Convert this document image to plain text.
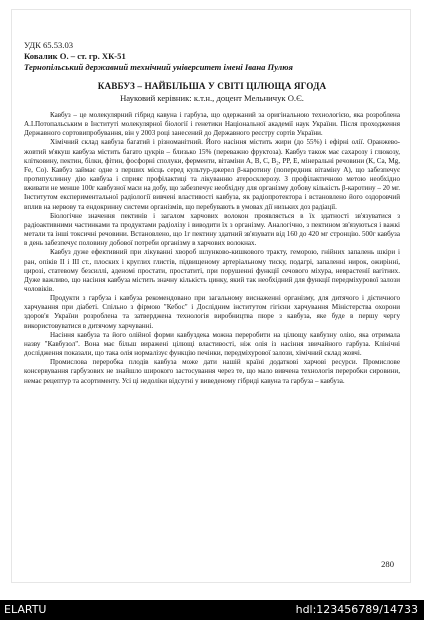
УДК 65.53.03

Ковалик О. – ст. гр. ХК-51

Тернопільський державний технічний університет імені Івана Пулюя

КАВБУЗ – НАЙБІЛЬША У СВІТІ ЦІЛЮЩА ЯГОДА

Науковий керівник: к.т.н., доцент Мельничук О.Є.

Кавбуз – це молекулярний гібрид кавуна і гарбуза, що одержаний за оригінальною технологією, яка розроблена А.І.Потопальським в Інституті молекулярної біології і генетики Національної академії наук України. Після проходження Державного сортовипробування, він у 2003 році занесений до Державного реєстру сортів України.

Хімічний склад кавбуза багатий і різноманітний. Його насіння містить жири (до 55%) і ефірні олії. Оранжево-жовтий м'якуш кавбуза містить багато цукрів – близько 15% (переважно фруктоза). Кавбуз також має сахарозу і глюкозу, клітковину, пектин, білки, фітин, фосфорні сполуки, ферменти, вітаміни А, В, С, В₂, РР, Е, мінеральні речовини (К, Са, Mg, Fe, Co). Кавбуз займає одне з перших місць серед культур-джерел β-каротину (попередник вітаміну А), що забезпечує протипухлинну дію кавбуза і сприяє профілактиці та лікуванню атеросклерозу. З профілактичною метою необхідно вживати не менше 100г кавбузної маси на добу, що забезпечує необхідну для організму добову кількість β-каротину – 20 мг. Інститутом експериментальної радіології вивчені властивості кавбуза, як радіопротектора і встановлено його оздоровчий вплив на нервову та ендокринну системи організмів, що перебувають в умовах дії низьких доз радіації.

Біологічне значення пектинів і загалом харчових волокон проявляється в їх здатності зв'язуватися з радіоактивними частинками та продуктами радіолізу і виводити їх з організму. Аналогічно, з пектином зв'язуються і важкі метали та інші токсичні речовини. Встановлено, що 1г пектину здатний зв'язувати від 160 до 420 мг стронцію. 500г кавбуза в день забезпечує половину добової потреби організму в харчових волокнах.

Кавбуз дуже ефективний при лікуванні хвороб шлунково-кишкового тракту, геморою, гнійних запалень шкіри і ран, опіків ІІ і ІІІ ст., плоских і круглих глистів, підвищеному артеріальному тиску, подагрі, запаленні нирок, ожирінні, цирозі, статевому безсиллі, аденомі простати, простатиті, при порушенні функції сечового міхура, неврастенії вагітних. Дуже важливо, що насіння кавбуза містить значну кількість цинку, який так необхідний для функції передміхурової залози чоловіків.

Продукти з гарбуза і кавбуза рекомендовано при загальному виснаженні організму, для дитячого і дієтичного харчування при діабеті. Спільно з фірмою "Кебос" і Дослідним інститутом гігієни харчування Міністерства охорони здоров'я України розроблена та затверджена технологія виробництва пюре з кавбуза, яке буде в першу чергу використовуватися в дитячому харчуванні.

Насіння кавбуза та його олійної форми кавбуздека можна переробити на цілющу кавбузну олію, яка отримала назву "Кавбузол". Вона має більш виражені цілющі властивості, ніж олія із насіння звичайного гарбуза. Клінічні дослідження показали, що така олія нормалізує функцію печінки, передміхурової залози, хімічний склад жовчі.

Промислова переробка плодів кавбуза може дати нашій країні додаткові харчові ресурси. Промислове консервування гарбузових не знайшло широкого застосування через те, що мало вивчена технологія переробки сировини, немає рецептур та асортименту. Усі ці недоліки відсутні у виведеному гібриді кавуна та гарбуза – кавбуза.

280
ELARTU	hdl:123456789/14733
